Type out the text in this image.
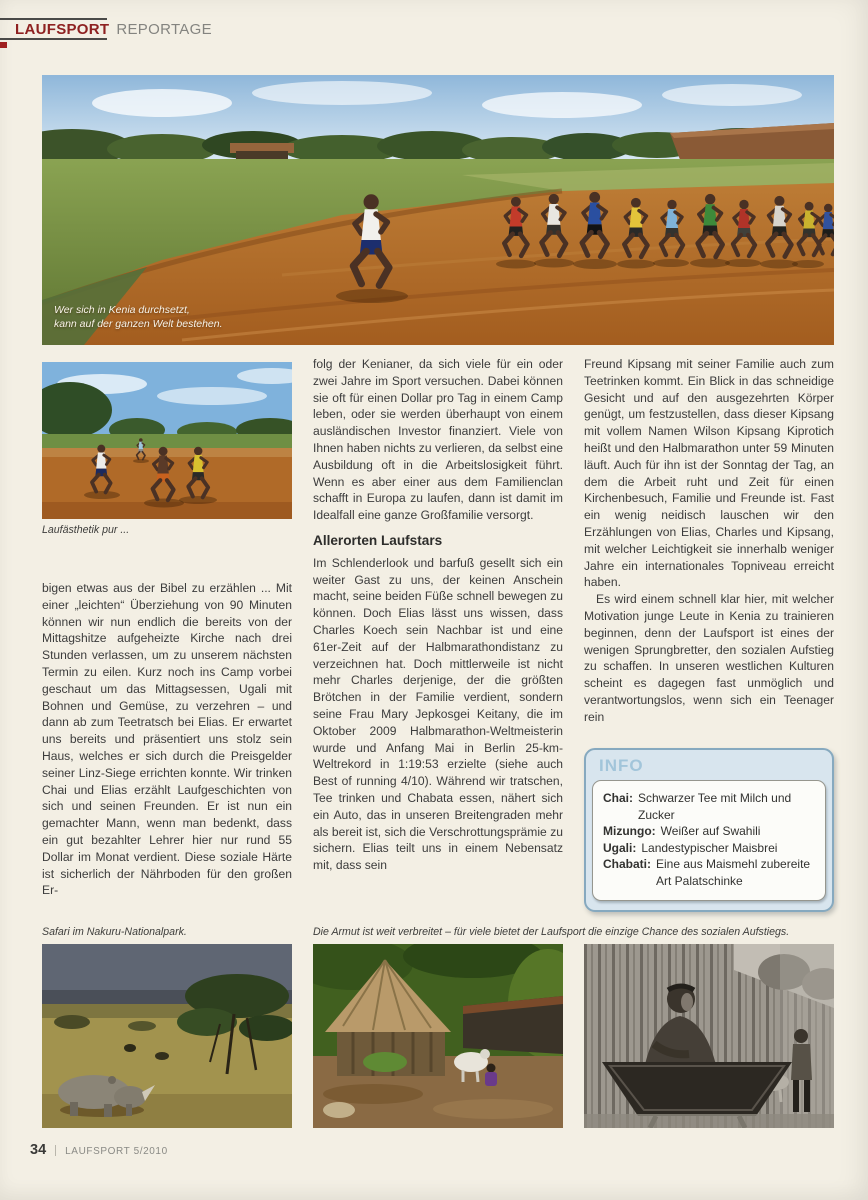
LAUFSPORT REPORTAGE
Wer sich in Kenia durchsetzt,
kann auf der ganzen Welt bestehen.
Laufästhetik pur ...

bigen etwas aus der Bibel zu erzählen ... Mit einer „leichten“ Überziehung von 90 Minuten können wir nun endlich die bereits von der Mittagshitze aufgeheizte Kirche nach drei Stunden verlassen, um zu unserem nächsten Termin zu eilen. Kurz noch ins Camp vorbei geschaut um das Mittagsessen, Ugali mit Bohnen und Gemüse, zu verzehren – und dann ab zum Teetratsch bei Elias. Er erwartet uns bereits und präsentiert uns stolz sein Haus, welches er sich durch die Preisgelder seiner Linz-Siege errichten konnte. Wir trinken Chai und Elias erzählt Laufgeschichten von sich und seinen Freunden. Er ist nun ein gemachter Mann, wenn man bedenkt, dass ein gut bezahlter Lehrer hier nur rund 55 Dollar im Monat verdient. Diese soziale Härte ist sicherlich der Nährboden für den großen Er-

folg der Kenianer, da sich viele für ein oder zwei Jahre im Sport versuchen. Dabei können sie oft für einen Dollar pro Tag in einem Camp leben, oder sie werden überhaupt von einem ausländischen Investor finanziert. Viele von Ihnen haben nichts zu verlieren, da selbst eine Ausbildung oft in die Arbeitslosigkeit führt. Wenn es aber einer aus dem Familienclan schafft in Europa zu laufen, dann ist damit im Idealfall eine ganze Großfamilie versorgt.

Allerorten Laufstars

Im Schlenderlook und barfuß gesellt sich ein weiter Gast zu uns, der keinen Anschein macht, seine beiden Füße schnell bewegen zu können. Doch Elias lässt uns wissen, dass Charles Koech sein Nachbar ist und eine 61er-Zeit auf der Halbmarathondistanz zu verzeichnen hat. Doch mittlerweile ist nicht mehr Charles derjenige, der die größten Brötchen in der Familie verdient, sondern seine Frau Mary Jepkosgei Keitany, die im Oktober 2009 Halbmarathon-Weltmeisterin wurde und Anfang Mai in Berlin 25-km-Weltrekord in 1:19:53 erzielte (siehe auch Best of running 4/10). Während wir tratschen, Tee trinken und Chabata essen, nähert sich ein Auto, das in unseren Breitengraden mehr als bereit ist, sich die Verschrottungsprämie zu sichern. Elias teilt uns in einem Nebensatz mit, dass sein

Freund Kipsang mit seiner Familie auch zum Teetrinken kommt. Ein Blick in das schneidige Gesicht und auf den ausgezehrten Körper genügt, um festzustellen, dass dieser Kipsang mit vollem Namen Wilson Kipsang Kiprotich heißt und den Halbmarathon unter 59 Minuten läuft. Auch für ihn ist der Sonntag der Tag, an dem die Arbeit ruht und Zeit für einen Kirchenbesuch, Familie und Freunde ist. Fast ein wenig neidisch lauschen wir den Erzählungen von Elias, Charles und Kipsang, mit welcher Leichtigkeit sie innerhalb weniger Jahre ein internationales Topniveau erreicht haben.

Es wird einem schnell klar hier, mit welcher Motivation junge Leute in Kenia zu trainieren beginnen, denn der Laufsport ist eines der wenigen Sprungbretter, den sozialen Aufstieg zu schaffen. In unseren westlichen Kulturen scheint es dagegen fast unmöglich und verantwortungslos, wenn sich ein Teenager rein

INFO
Chai: Schwarzer Tee mit Milch und Zucker
Mizungo: Weißer auf Swahili
Ugali: Landestypischer Maisbrei
Chabati: Eine aus Maismehl zubereite Art Palatschinke
Safari im Nakuru-Nationalpark.	Die Armut ist weit verbreitet – für viele bietet der Laufsport die einzige Chance des sozialen Aufstiegs.
34 LAUFSPORT 5/2010
